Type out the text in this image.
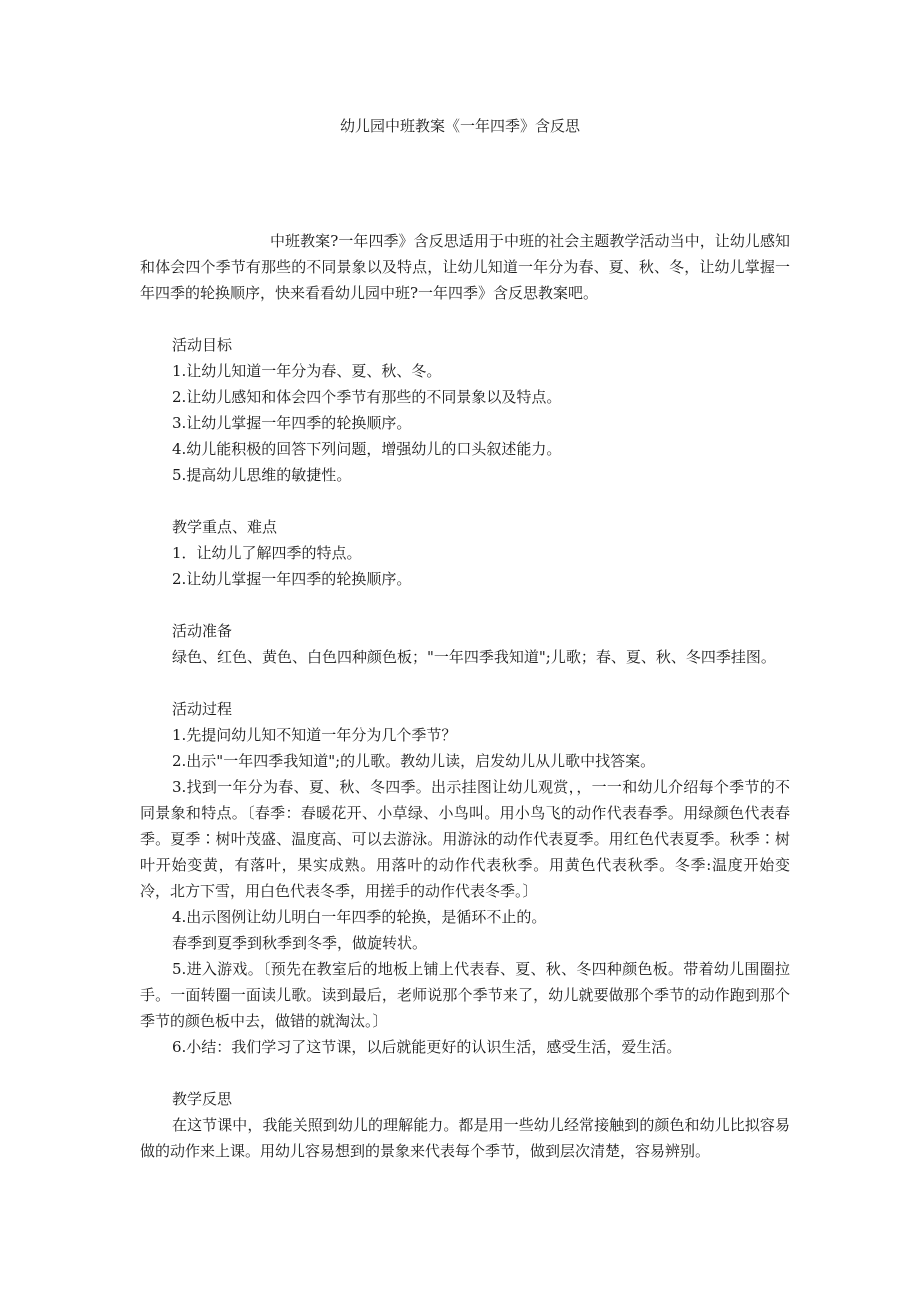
幼儿园中班教案《一年四季》含反思

中班教案?一年四季》含反思适用于中班的社会主题教学活动当中，让幼儿感知和体会四个季节有那些的不同景象以及特点，让幼儿知道一年分为春、夏、秋、冬，让幼儿掌握一年四季的轮换顺序，快来看看幼儿园中班?一年四季》含反思教案吧。

活动目标

1.让幼儿知道一年分为春、夏、秋、冬。

2.让幼儿感知和体会四个季节有那些的不同景象以及特点。

3.让幼儿掌握一年四季的轮换顺序。

4.幼儿能积极的回答下列问题，增强幼儿的口头叙述能力。

5.提高幼儿思维的敏捷性。

教学重点、难点

1．让幼儿了解四季的特点。

2.让幼儿掌握一年四季的轮换顺序。

活动准备

绿色、红色、黄色、白色四种颜色板；"一年四季我知道";儿歌；春、夏、秋、冬四季挂图。

活动过程

1.先提问幼儿知不知道一年分为几个季节？

2.出示"一年四季我知道";的儿歌。教幼儿读，启发幼儿从儿歌中找答案。

3.找到一年分为春、夏、秋、冬四季。出示挂图让幼儿观赏，，一一和幼儿介绍每个季节的不同景象和特点。〔春季：春暖花开、小草绿、小鸟叫。用小鸟飞的动作代表春季。用绿颜色代表春季。夏季∶树叶茂盛、温度高、可以去游泳。用游泳的动作代表夏季。用红色代表夏季。秋季∶树叶开始变黄，有落叶，果实成熟。用落叶的动作代表秋季。用黄色代表秋季。冬季:温度开始变冷，北方下雪，用白色代表冬季，用搓手的动作代表冬季。〕

4.出示图例让幼儿明白一年四季的轮换，是循环不止的。

春季到夏季到秋季到冬季，做旋转状。

5.进入游戏。〔预先在教室后的地板上铺上代表春、夏、秋、冬四种颜色板。带着幼儿围圈拉手。一面转圈一面读儿歌。读到最后，老师说那个季节来了，幼儿就要做那个季节的动作跑到那个季节的颜色板中去，做错的就淘汰。〕

6.小结：我们学习了这节课，以后就能更好的认识生活，感受生活，爱生活。

教学反思

在这节课中，我能关照到幼儿的理解能力。都是用一些幼儿经常接触到的颜色和幼儿比拟容易做的动作来上课。用幼儿容易想到的景象来代表每个季节，做到层次清楚，容易辨别。
